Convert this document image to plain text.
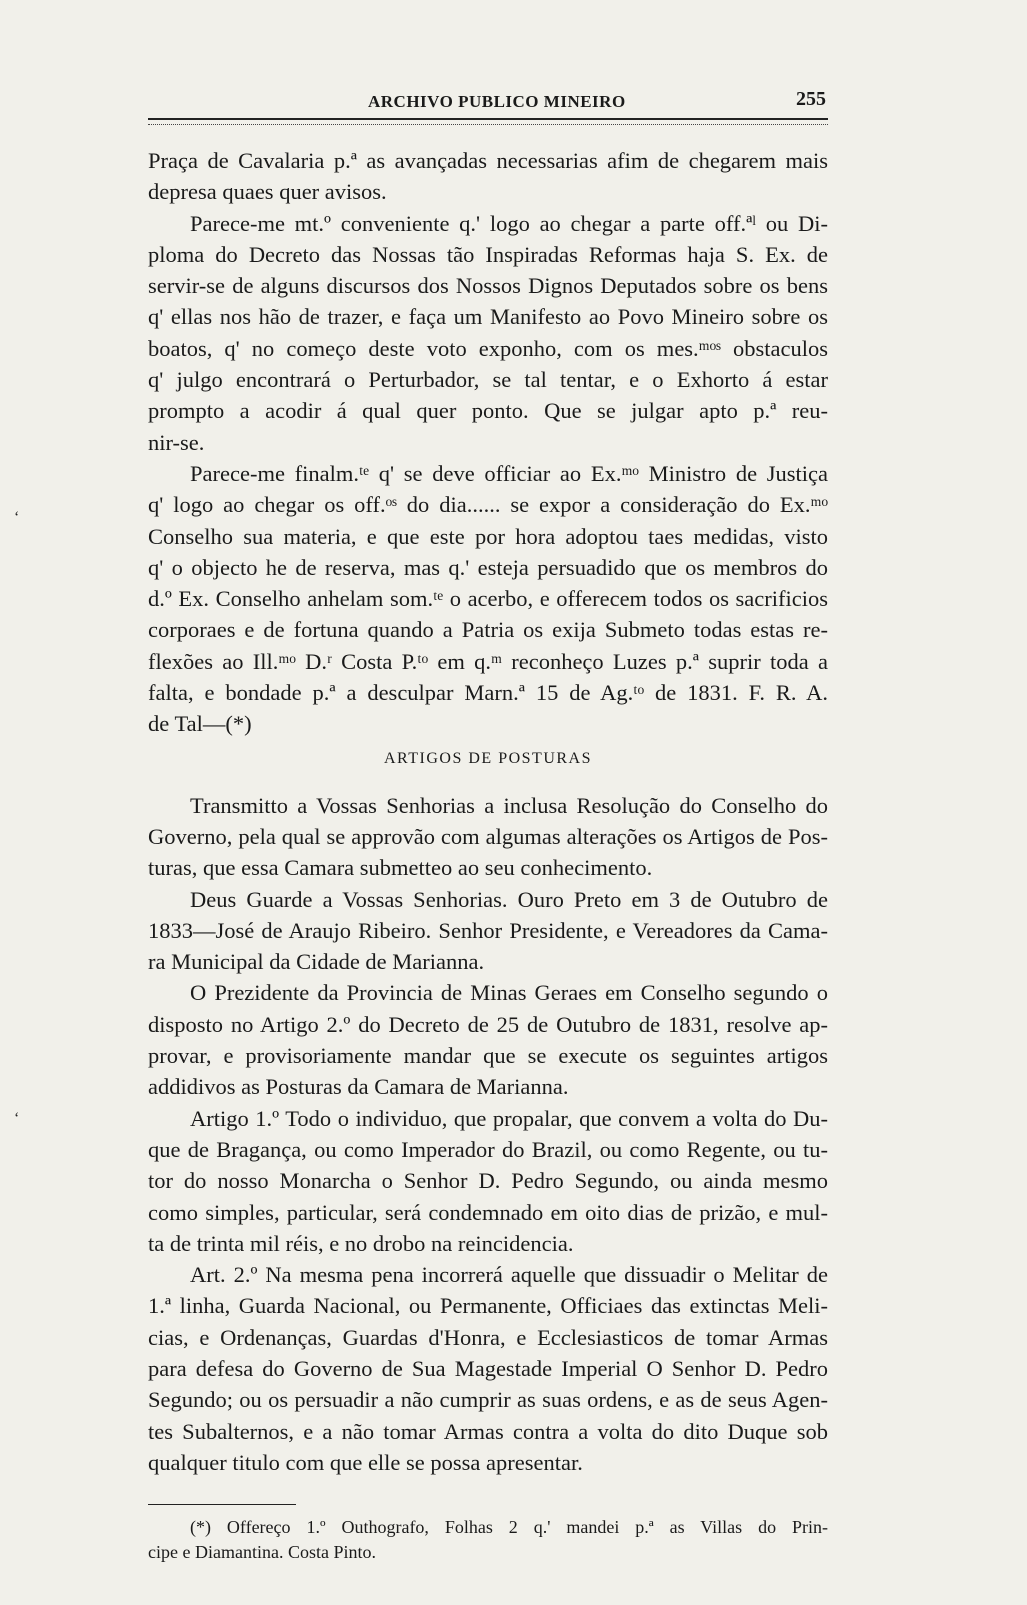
ʻ
ʻ
ARCHIVO PUBLICO MINEIRO	255
Praça de Cavalaria p.ª as avançadas necessarias afim de chegarem mais
depresa quaes quer avisos.
Parece-me mt.º conveniente q.' logo ao chegar a parte off.ªˡ ou Di-
ploma do Decreto das Nossas tão Inspiradas Reformas haja S. Ex. de
servir-se de alguns discursos dos Nossos Dignos Deputados sobre os bens
q' ellas nos hão de trazer, e faça um Manifesto ao Povo Mineiro sobre os
boatos, q' no começo deste voto exponho, com os mes.ᵐᵒˢ obstaculos
q' julgo encontrará o Perturbador, se tal tentar, e o Exhorto á estar
prompto a acodir á qual quer ponto. Que se julgar apto p.ª reu-
nir-se.
Parece-me finalm.ᵗᵉ q' se deve officiar ao Ex.ᵐᵒ Ministro de Justiça
q' logo ao chegar os off.ᵒˢ do dia...... se expor a consideração do Ex.ᵐᵒ
Conselho sua materia, e que este por hora adoptou taes medidas, visto
q' o objecto he de reserva, mas q.' esteja persuadido que os membros do
d.º Ex. Conselho anhelam som.ᵗᵉ o acerbo, e offerecem todos os sacrificios
corporaes e de fortuna quando a Patria os exija Submeto todas estas re-
flexões ao Ill.ᵐᵒ D.ʳ Costa P.ᵗᵒ em q.ᵐ reconheço Luzes p.ª suprir toda a
falta, e bondade p.ª a desculpar Marn.ª 15 de Ag.ᵗᵒ de 1831. F. R. A.
de Tal—(*)
ARTIGOS DE POSTURAS
Transmitto a Vossas Senhorias a inclusa Resolução do Conselho do
Governo, pela qual se approvão com algumas alterações os Artigos de Pos-
turas, que essa Camara submetteo ao seu conhecimento.
Deus Guarde a Vossas Senhorias. Ouro Preto em 3 de Outubro de
1833—José de Araujo Ribeiro. Senhor Presidente, e Vereadores da Cama-
ra Municipal da Cidade de Marianna.
O Prezidente da Provincia de Minas Geraes em Conselho segundo o
disposto no Artigo 2.º do Decreto de 25 de Outubro de 1831, resolve ap-
provar, e provisoriamente mandar que se execute os seguintes artigos
addidivos as Posturas da Camara de Marianna.
Artigo 1.º Todo o individuo, que propalar, que convem a volta do Du-
que de Bragança, ou como Imperador do Brazil, ou como Regente, ou tu-
tor do nosso Monarcha o Senhor D. Pedro Segundo, ou ainda mesmo
como simples, particular, será condemnado em oito dias de prizão, e mul-
ta de trinta mil réis, e no drobo na reincidencia.
Art. 2.º Na mesma pena incorrerá aquelle que dissuadir o Melitar de
1.ª linha, Guarda Nacional, ou Permanente, Officiaes das extinctas Meli-
cias, e Ordenanças, Guardas d'Honra, e Ecclesiasticos de tomar Armas
para defesa do Governo de Sua Magestade Imperial O Senhor D. Pedro
Segundo; ou os persuadir a não cumprir as suas ordens, e as de seus Agen-
tes Subalternos, e a não tomar Armas contra a volta do dito Duque sob
qualquer titulo com que elle se possa apresentar.
(*) Offereço 1.º Outhografo, Folhas 2 q.' mandei p.ª as Villas do Prin-
cipe e Diamantina. Costa Pinto.
